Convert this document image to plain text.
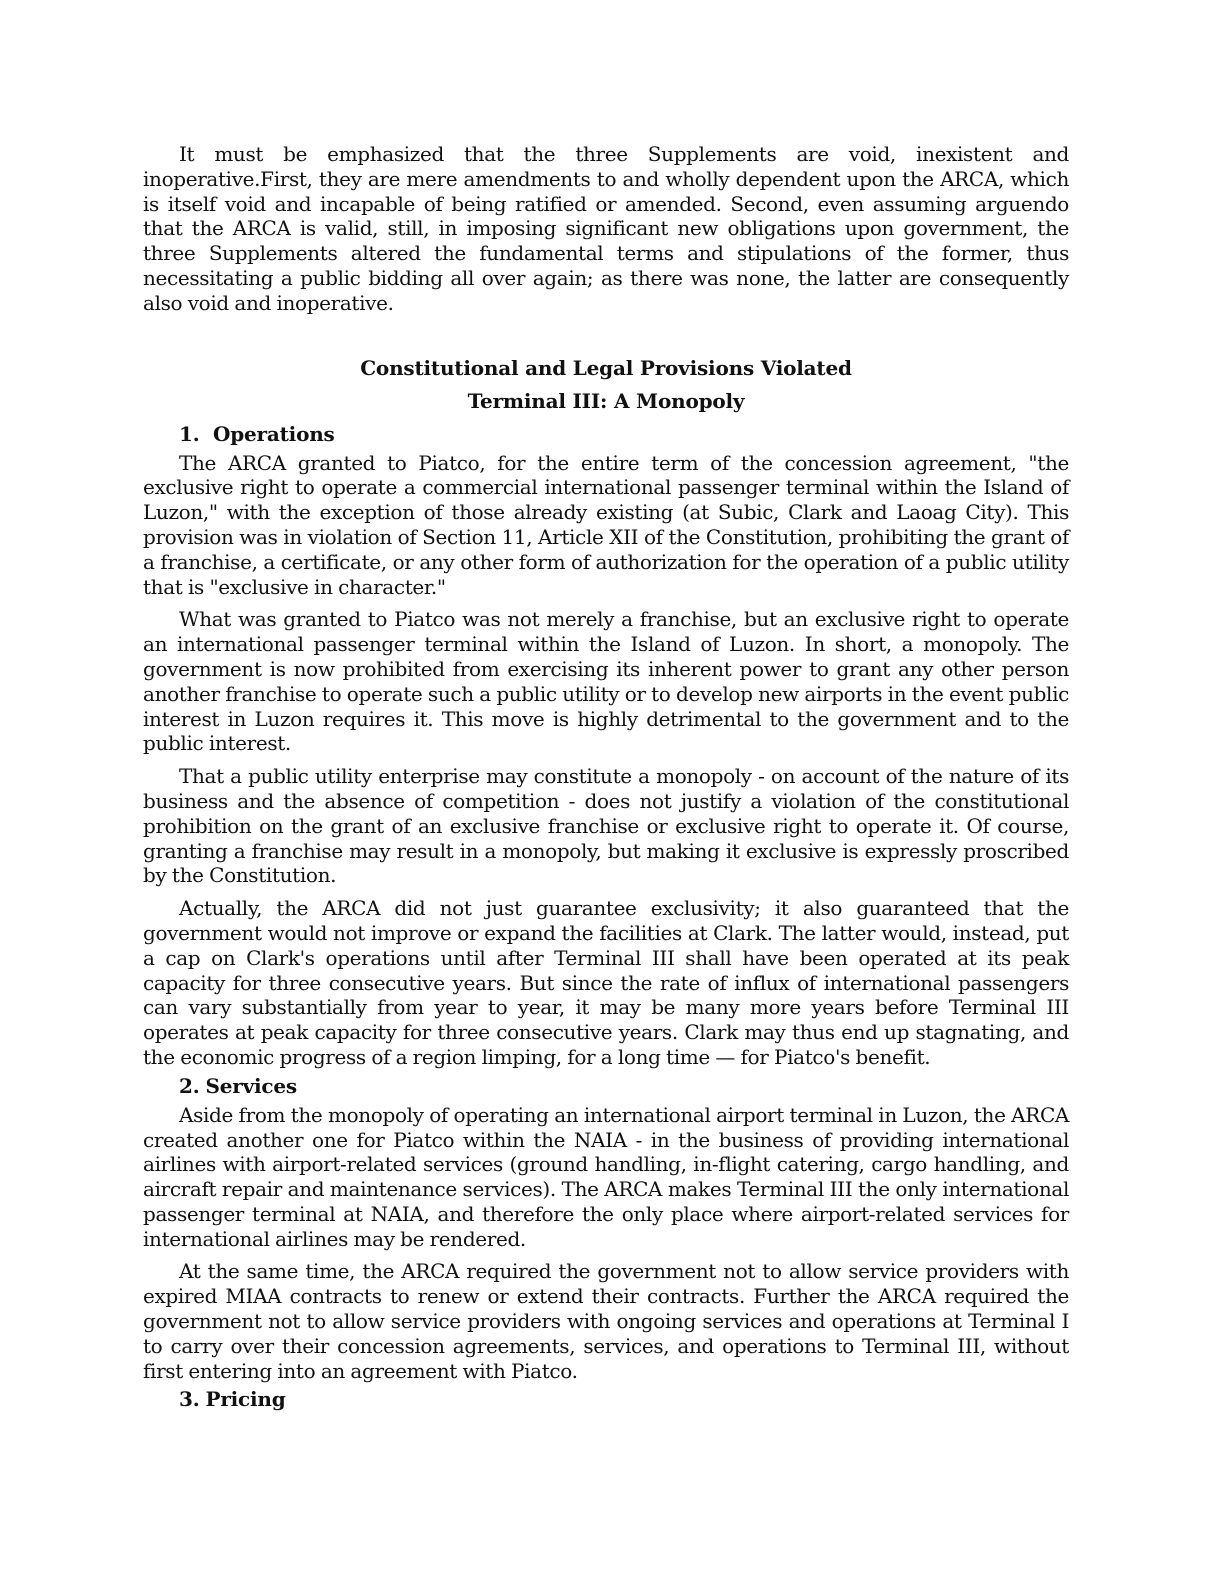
It must be emphasized that the three Supplements are void, inexistent and inoperative.First, they are mere amendments to and wholly dependent upon the ARCA, which is itself void and incapable of being ratified or amended. Second, even assuming arguendo that the ARCA is valid, still, in imposing significant new obligations upon government, the three Supplements altered the fundamental terms and stipulations of the former, thus necessitating a public bidding all over again; as there was none, the latter are consequently also void and inoperative.

Constitutional and Legal Provisions Violated

Terminal III: A Monopoly

1. Operations

The ARCA granted to Piatco, for the entire term of the concession agreement, "the exclusive right to operate a commercial international passenger terminal within the Island of Luzon," with the exception of those already existing (at Subic, Clark and Laoag City). This provision was in violation of Section 11, Article XII of the Constitution, prohibiting the grant of a franchise, a certificate, or any other form of authorization for the operation of a public utility that is "exclusive in character."

What was granted to Piatco was not merely a franchise, but an exclusive right to operate an international passenger terminal within the Island of Luzon. In short, a monopoly. The government is now prohibited from exercising its inherent power to grant any other person another franchise to operate such a public utility or to develop new airports in the event public interest in Luzon requires it. This move is highly detrimental to the government and to the public interest.

That a public utility enterprise may constitute a monopoly - on account of the nature of its business and the absence of competition - does not justify a violation of the constitutional prohibition on the grant of an exclusive franchise or exclusive right to operate it. Of course, granting a franchise may result in a monopoly, but making it exclusive is expressly proscribed by the Constitution.

Actually, the ARCA did not just guarantee exclusivity; it also guaranteed that the government would not improve or expand the facilities at Clark. The latter would, instead, put a cap on Clark's operations until after Terminal III shall have been operated at its peak capacity for three consecutive years. But since the rate of influx of international passengers can vary substantially from year to year, it may be many more years before Terminal III operates at peak capacity for three consecutive years. Clark may thus end up stagnating, and the economic progress of a region limping, for a long time — for Piatco's benefit.

2. Services

Aside from the monopoly of operating an international airport terminal in Luzon, the ARCA created another one for Piatco within the NAIA - in the business of providing international airlines with airport-related services (ground handling, in-flight catering, cargo handling, and aircraft repair and maintenance services). The ARCA makes Terminal III the only international passenger terminal at NAIA, and therefore the only place where airport-related services for international airlines may be rendered.

At the same time, the ARCA required the government not to allow service providers with expired MIAA contracts to renew or extend their contracts. Further the ARCA required the government not to allow service providers with ongoing services and operations at Terminal I to carry over their concession agreements, services, and operations to Terminal III, without first entering into an agreement with Piatco.

3. Pricing
